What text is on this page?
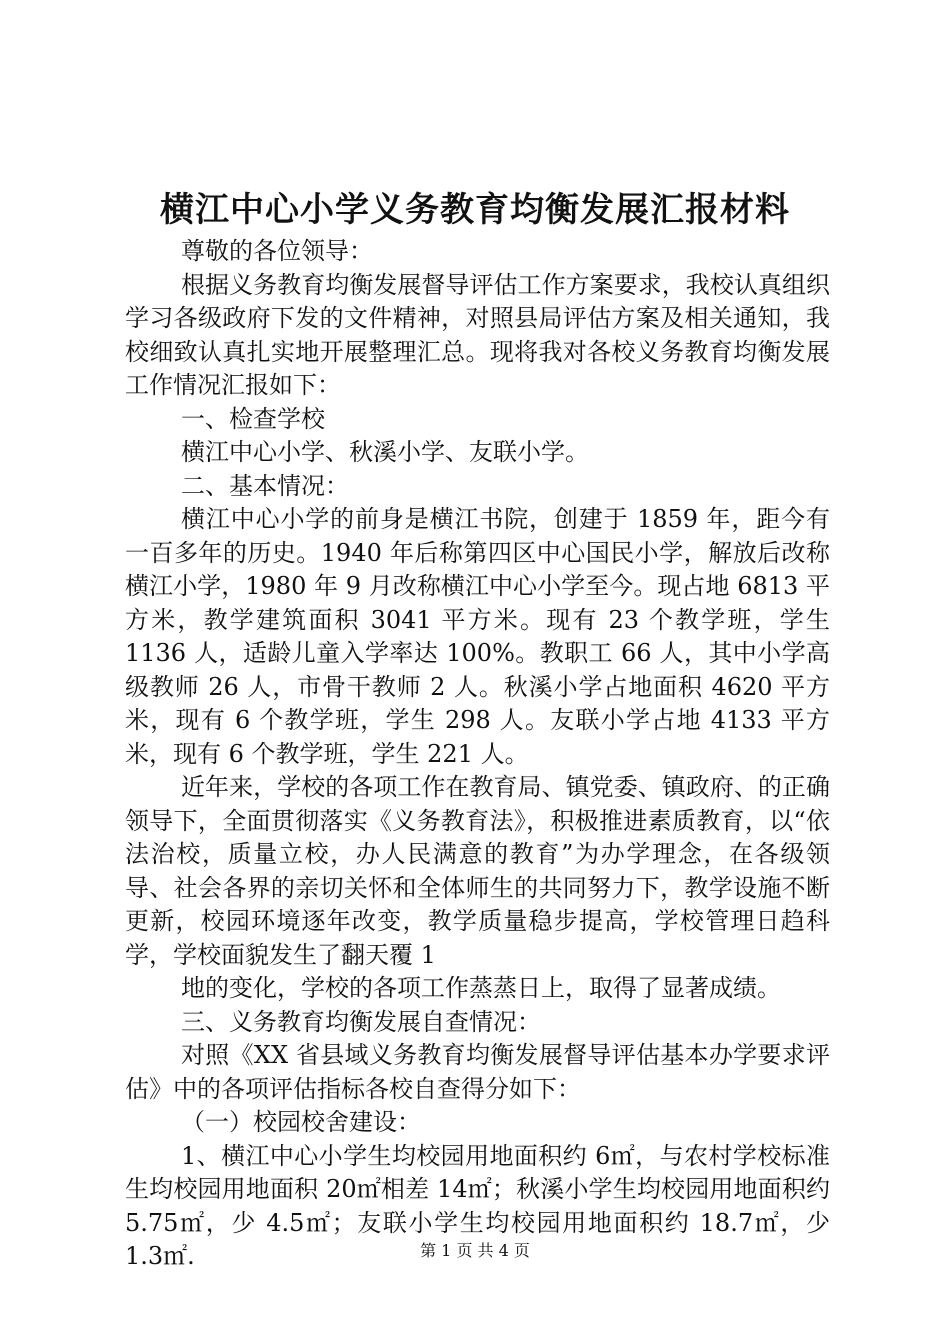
横江中心小学义务教育均衡发展汇报材料

尊敬的各位领导：

根据义务教育均衡发展督导评估工作方案要求，我校认真组织学习各级政府下发的文件精神，对照县局评估方案及相关通知，我校细致认真扎实地开展整理汇总。现将我对各校义务教育均衡发展工作情况汇报如下：

一、检查学校

横江中心小学、秋溪小学、友联小学。

二、基本情况：

横江中心小学的前身是横江书院，创建于 1859 年，距今有一百多年的历史。1940 年后称第四区中心国民小学，解放后改称横江小学，1980 年 9 月改称横江中心小学至今。现占地 6813 平方米，教学建筑面积 3041 平方米。现有 23 个教学班，学生 1136 人，适龄儿童入学率达 100%。教职工 66 人，其中小学高级教师 26 人，市骨干教师 2 人。秋溪小学占地面积 4620 平方米，现有 6 个教学班，学生 298 人。友联小学占地 4133 平方米，现有 6 个教学班，学生 221 人。

近年来，学校的各项工作在教育局、镇党委、镇政府、的正确领导下，全面贯彻落实《义务教育法》，积极推进素质教育，以“依法治校，质量立校，办人民满意的教育”为办学理念，在各级领导、社会各界的亲切关怀和全体师生的共同努力下，教学设施不断更新，校园环境逐年改变，教学质量稳步提高，学校管理日趋科学，学校面貌发生了翻天覆 1

地的变化，学校的各项工作蒸蒸日上，取得了显著成绩。

三、义务教育均衡发展自查情况：

对照《XX 省县域义务教育均衡发展督导评估基本办学要求评估》中的各项评估指标各校自查得分如下：

（一）校园校舍建设：

1、横江中心小学生均校园用地面积约 6㎡，与农村学校标准生均校园用地面积 20㎡相差 14㎡；秋溪小学生均校园用地面积约 5.75㎡，少 4.5㎡；友联小学生均校园用地面积约 18.7㎡，少 1.3㎡.	第 1 页 共 4 页
